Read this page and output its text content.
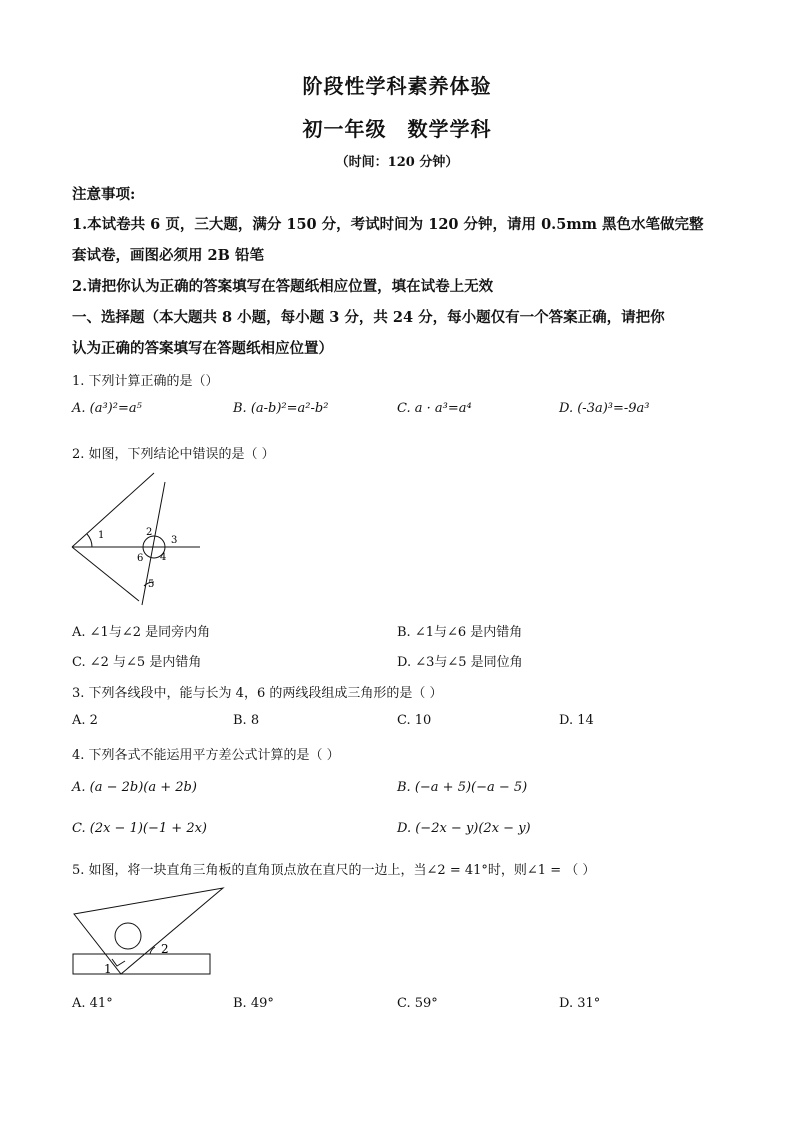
阶段性学科素养体验
初一年级　数学学科
（时间：120 分钟）
注意事项:
1.本试卷共 6 页，三大题，满分 150 分，考试时间为 120 分钟，请用 0.5mm 黑色水笔做完整
套试卷，画图必须用 2B 铅笔
2.请把你认为正确的答案填写在答题纸相应位置，填在试卷上无效
一、选择题（本大题共 8 小题，每小题 3 分，共 24 分，每小题仅有一个答案正确，请把你
认为正确的答案填写在答题纸相应位置）
1. 下列计算正确的是（）
A. (a³)²=a⁵	B. (a-b)²=a²-b²	C. a · a³=a⁴	D. (-3a)³=-9a³
2. 如图，下列结论中错误的是（ ）
1	2
3
4
5
6
A. ∠1与∠2 是同旁内角	B. ∠1与∠6 是内错角
C. ∠2 与∠5 是内错角	D. ∠3与∠5 是同位角
3. 下列各线段中，能与长为 4，6 的两线段组成三角形的是（ ）
A. 2	B. 8	C. 10	D. 14
4. 下列各式不能运用平方差公式计算的是（ ）
A. (a − 2b)(a + 2b)	B. (−a + 5)(−a − 5)
C. (2x − 1)(−1 + 2x)	D. (−2x − y)(2x − y)
5. 如图，将一块直角三角板的直角顶点放在直尺的一边上，当∠2 = 41°时，则∠1 = （ ）
1
2
A. 41°	B. 49°	C. 59°	D. 31°
